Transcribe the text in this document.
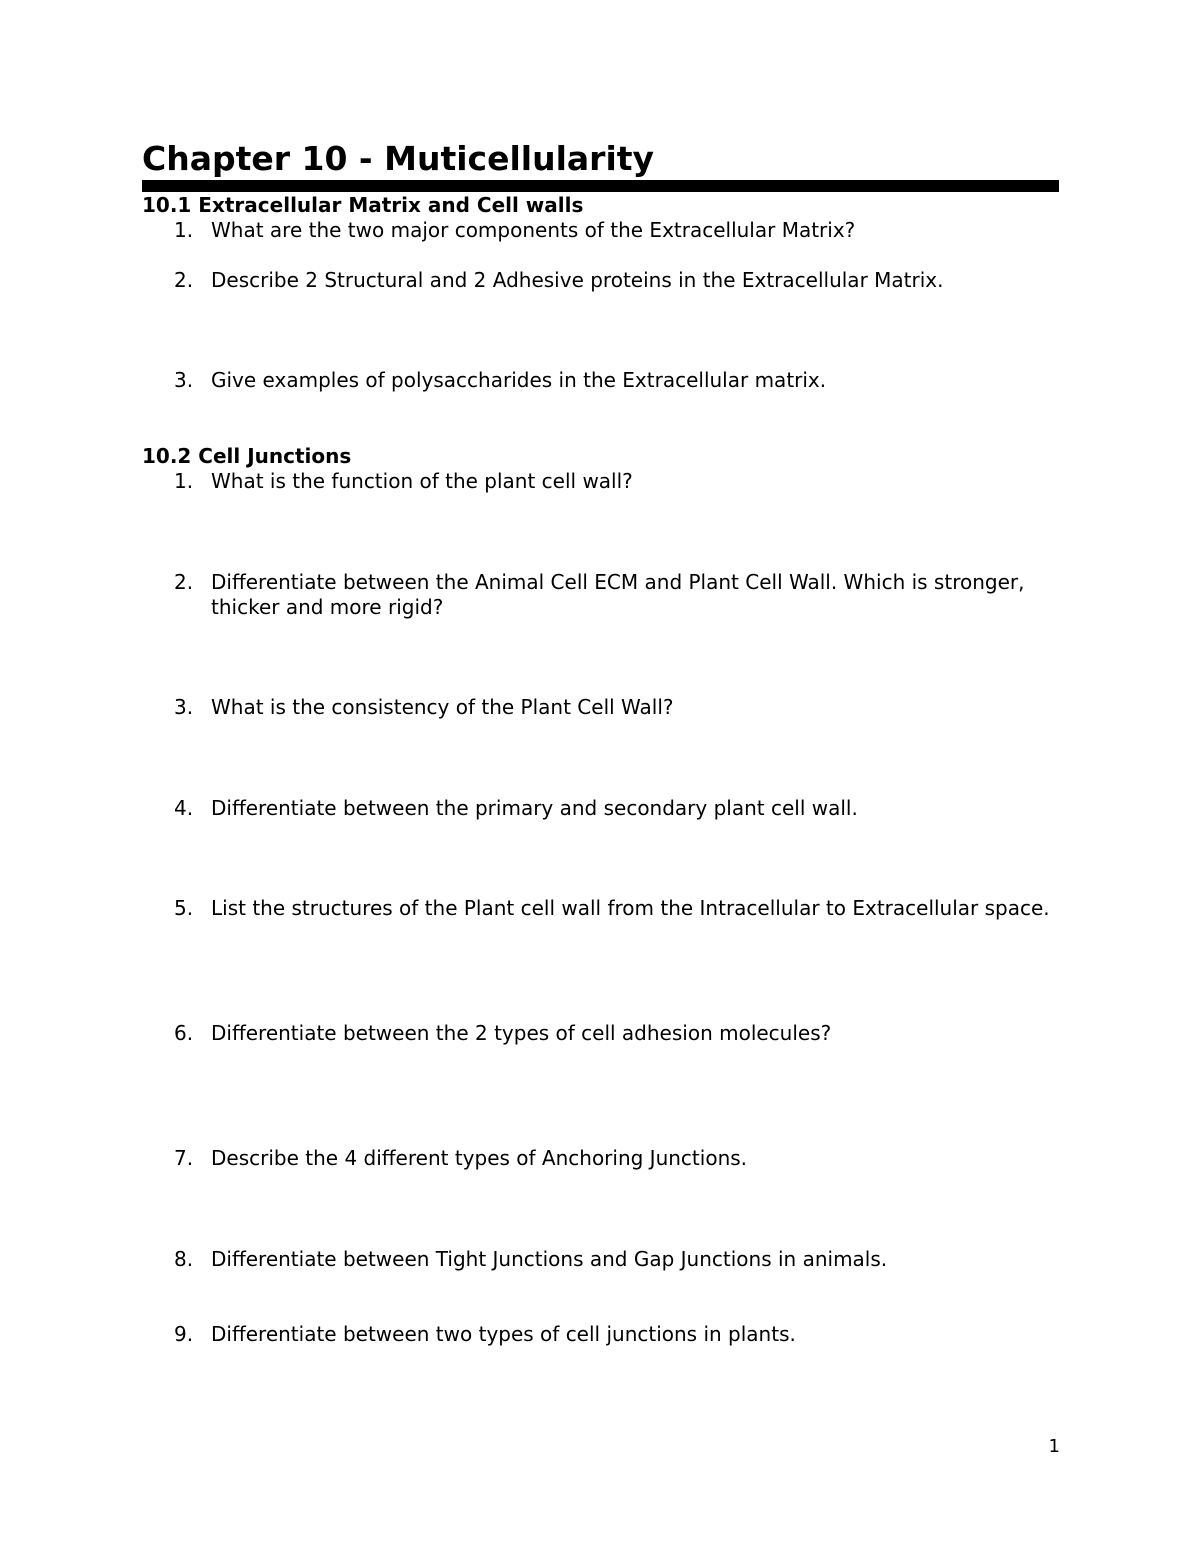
Chapter 10 - Muticellularity
10.1 Extracellular Matrix and Cell walls
1. What are the two major components of the Extracellular Matrix?
2. Describe 2 Structural and 2 Adhesive proteins in the Extracellular Matrix.
3. Give examples of polysaccharides in the Extracellular matrix.
10.2 Cell Junctions
1. What is the function of the plant cell wall?
2. Differentiate between the Animal Cell ECM and Plant Cell Wall. Which is stronger, thicker and more rigid?
3. What is the consistency of the Plant Cell Wall?
4. Differentiate between the primary and secondary plant cell wall.
5. List the structures of the Plant cell wall from the Intracellular to Extracellular space.
6. Differentiate between the 2 types of cell adhesion molecules?
7. Describe the 4 different types of Anchoring Junctions.
8. Differentiate between Tight Junctions and Gap Junctions in animals.
9. Differentiate between two types of cell junctions in plants.
1
